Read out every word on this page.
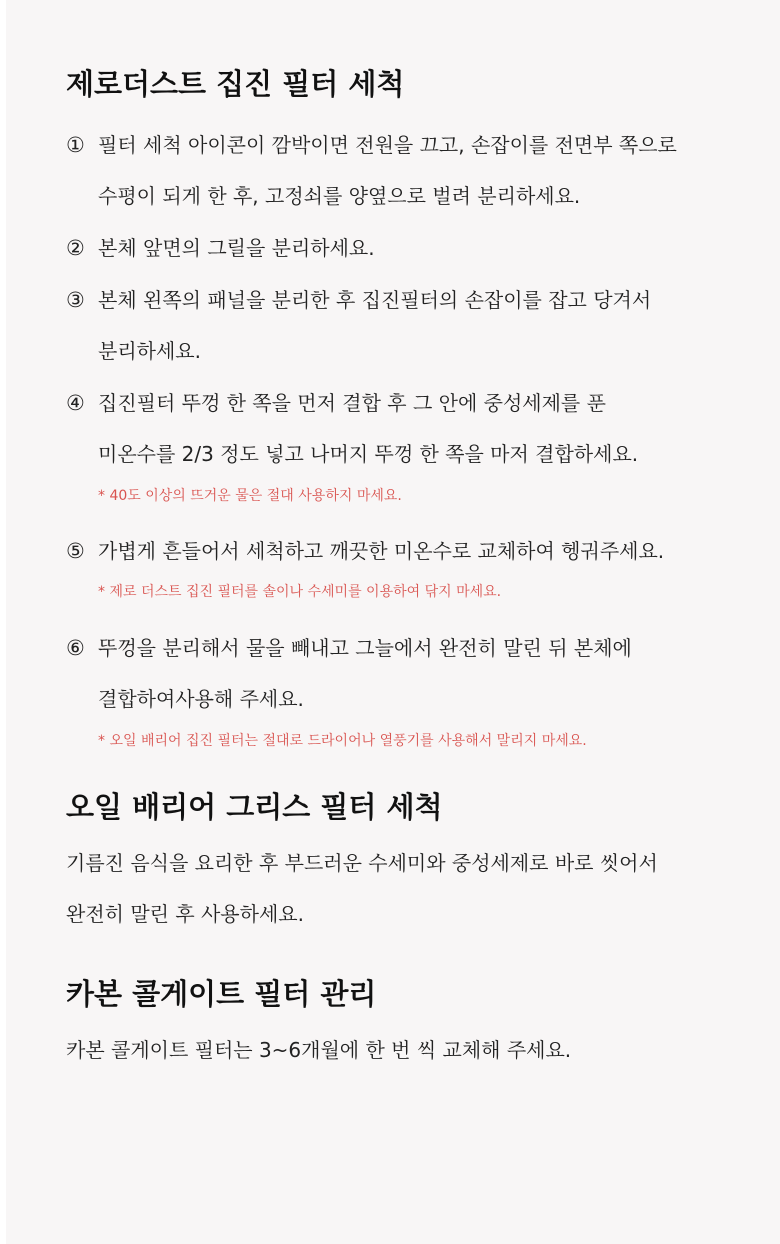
제로더스트 집진 필터 세척
① 필터 세척 아이콘이 깜박이면 전원을 끄고, 손잡이를 전면부 쪽으로
수평이 되게 한 후, 고정쇠를 양옆으로 벌려 분리하세요.
② 본체 앞면의 그릴을 분리하세요.
③ 본체 왼쪽의 패널을 분리한 후 집진필터의 손잡이를 잡고 당겨서
분리하세요.
④ 집진필터 뚜껑 한 쪽을 먼저 결합 후 그 안에 중성세제를 푼
미온수를 2/3 정도 넣고 나머지 뚜껑 한 쪽을 마저 결합하세요.
* 40도 이상의 뜨거운 물은 절대 사용하지 마세요.
⑤ 가볍게 흔들어서 세척하고 깨끗한 미온수로 교체하여 헹궈주세요.
* 제로 더스트 집진 필터를 솔이나 수세미를 이용하여 닦지 마세요.
⑥ 뚜껑을 분리해서 물을 빼내고 그늘에서 완전히 말린 뒤 본체에
결합하여사용해 주세요.
* 오일 배리어 집진 필터는 절대로 드라이어나 열풍기를 사용해서 말리지 마세요.
오일 배리어 그리스 필터 세척
기름진 음식을 요리한 후 부드러운 수세미와 중성세제로 바로 씻어서
완전히 말린 후 사용하세요.
카본 콜게이트 필터 관리
카본 콜게이트 필터는 3~6개월에 한 번 씩 교체해 주세요.
